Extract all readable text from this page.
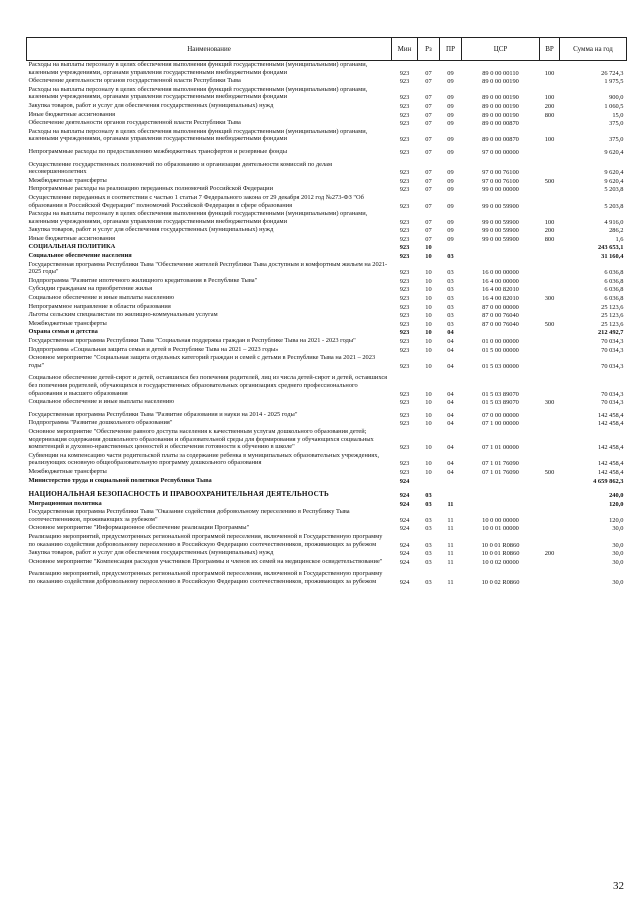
Наименование	Мин	Рз	ПР	ЦСР	ВР	Сумма на год
Расходы на выплаты персоналу в целях обеспечения выполнения функций государственными (муниципальными) органами, казенными учреждениями, органами управления государственными внебюджетными фондами	923	07	09	89 0 00 00110	100	26 724,3
Обеспечение деятельности органов государственной власти Республики Тыва	923	07	09	89 0 00 00190		1 975,5
Расходы на выплаты персоналу в целях обеспечения выполнения функций государственными (муниципальными) органами, казенными учреждениями, органами управления государственными внебюджетными фондами	923	07	09	89 0 00 00190	100	900,0
Закупка товаров, работ и услуг для обеспечения государственных (муниципальных) нужд	923	07	09	89 0 00 00190	200	1 060,5
Иные бюджетные ассигнования	923	07	09	89 0 00 00190	800	15,0
Обеспечение деятельности органов государственной власти Республики Тыва	923	07	09	89 0 00 00870		375,0
Расходы на выплаты персоналу в целях обеспечения выполнения функций государственными (муниципальными) органами, казенными учреждениями, органами управления государственными внебюджетными фондами	923	07	09	89 0 00 00870	100	375,0
Непрограммные расходы по предоставлению межбюджетных трансфертов и резервные фонды	923	07	09	97 0 00 00000		9 620,4
Осуществление государственных полномочий по образованию и организации деятельности комиссий по делам несовершеннолетних	923	07	09	97 0 00 76100		9 620,4
Межбюджетные трансферты	923	07	09	97 0 00 76100	500	9 620,4
Непрограммные расходы на реализацию переданных полномочий Российской Федерации	923	07	09	99 0 00 00000		5 203,8
Осуществление переданных в соответствии с частью 1 статьи 7 Федерального закона от 29 декабря 2012 год №273-ФЗ "Об образовании в Российской Федерации" полномочий Российской Федерации в сфере образования	923	07	09	99 0 00 59900		5 203,8
Расходы на выплаты персоналу в целях обеспечения выполнения функций государственными (муниципальными) органами, казенными учреждениями, органами управления государственными внебюджетными фондами	923	07	09	99 0 00 59900	100	4 916,0
Закупка товаров, работ и услуг для обеспечения государственных (муниципальных) нужд	923	07	09	99 0 00 59900	200	286,2
Иные бюджетные ассигнования	923	07	09	99 0 00 59900	800	1,6
СОЦИАЛЬНАЯ ПОЛИТИКА	923	10				243 653,1
Социальное обеспечение населения	923	10	03			31 160,4
Государственная программа Республики Тыва "Обеспечение жителей Республики Тыва доступным и комфортным жильем на 2021-2025 годы"	923	10	03	16 0 00 00000		6 036,8
Подпрограмма "Развитие ипотечного жилищного кредитования в Республике Тыва"	923	10	03	16 4 00 00000		6 036,8
Субсидии гражданам на приобретение жилья	923	10	03	16 4 00 82010		6 036,8
Социальное обеспечение и иные выплаты населению	923	10	03	16 4 00 82010	300	6 036,8
Непрограммное направление в области образования	923	10	03	87 0 00 00000		25 123,6
Льготы сельским специалистам по жилищно-коммунальным услугам	923	10	03	87 0 00 76040		25 123,6
Межбюджетные трансферты	923	10	03	87 0 00 76040	500	25 123,6
Охрана семьи и детства	923	10	04			212 492,7
Государственная программа Республики Тыва "Социальная поддержка граждан в Республике Тыва на 2021 - 2023 годы"	923	10	04	01 0 00 00000		70 034,3
Подпрограмма «Социальная защита семьи и детей в Республике Тыва на 2021 – 2023 годы»	923	10	04	01 5 00 00000		70 034,3
Основное мероприятие "Социальная защита отдельных категорий граждан и семей с детьми в Республике Тыва на 2021 – 2023 годы"	923	10	04	01 5 03 00000		70 034,3
Социальное обеспечение детей-сирот и детей, оставшихся без попечения родителей, лиц из числа детей-сирот и детей, оставшихся без попечения родителей, обучающихся в государственных образовательных организациях среднего профессионального образования и высшего образования	923	10	04	01 5 03 89070		70 034,3
Социальное обеспечение и иные выплаты населению	923	10	04	01 5 03 89070	300	70 034,3
Государственная программа Республики Тыва "Развитие образования и науки на 2014 - 2025 годы"	923	10	04	07 0 00 00000		142 458,4
Подпрограмма "Развитие дошкольного образования"	923	10	04	07 1 00 00000		142 458,4
Основное мероприятие "Обеспечение равного доступа населения к качественным услугам дошкольного образования детей; модернизация содержания дошкольного образования и образовательной среды для формирования у обучающихся социальных компетенций и духовно-нравственных ценностей и обеспечения готовности к обучению в школе"	923	10	04	07 1 01 00000		142 458,4
Субвенции на компенсацию части родительской платы за содержание ребенка в муниципальных образовательных учреждениях, реализующих основную общеобразовательную программу дошкольного образования	923	10	04	07 1 01 76090		142 458,4
Межбюджетные трансферты	923	10	04	07 1 01 76090	500	142 458,4
Министерство труда и социальной политики Республики Тыва	924					4 659 862,3
НАЦИОНАЛЬНАЯ БЕЗОПАСНОСТЬ И ПРАВООХРАНИТЕЛЬНАЯ ДЕЯТЕЛЬНОСТЬ	924	03				240,0
Миграционная политика	924	03	11			120,0
Государственная программа Республики Тыва "Оказание содействия добровольному переселению в Республику Тыва соотечественников, проживающих за рубежом"	924	03	11	10 0 00 00000		120,0
Основное мероприятие "Информационное обеспечение реализации Программы"	924	03	11	10 0 01 00000		30,0
Реализацию мероприятий, предусмотренных региональной программой переселения, включенной в Государственную программу по оказанию содействия добровольному переселению в Российскую Федерацию соотечественников, проживающих за рубежом	924	03	11	10 0 01 R0860		30,0
Закупка товаров, работ и услуг для обеспечения государственных (муниципальных) нужд	924	03	11	10 0 01 R0860	200	30,0
Основное мероприятие "Компенсация расходов участников Программы и членов их семей на медицинское освидетельствование"	924	03	11	10 0 02 00000		30,0
Реализацию мероприятий, предусмотренных региональной программой переселения, включенной в Государственную программу по оказанию содействия добровольному переселению в Российскую Федерацию соотечественников, проживающих за рубежом	924	03	11	10 0 02 R0860		30,0
32
